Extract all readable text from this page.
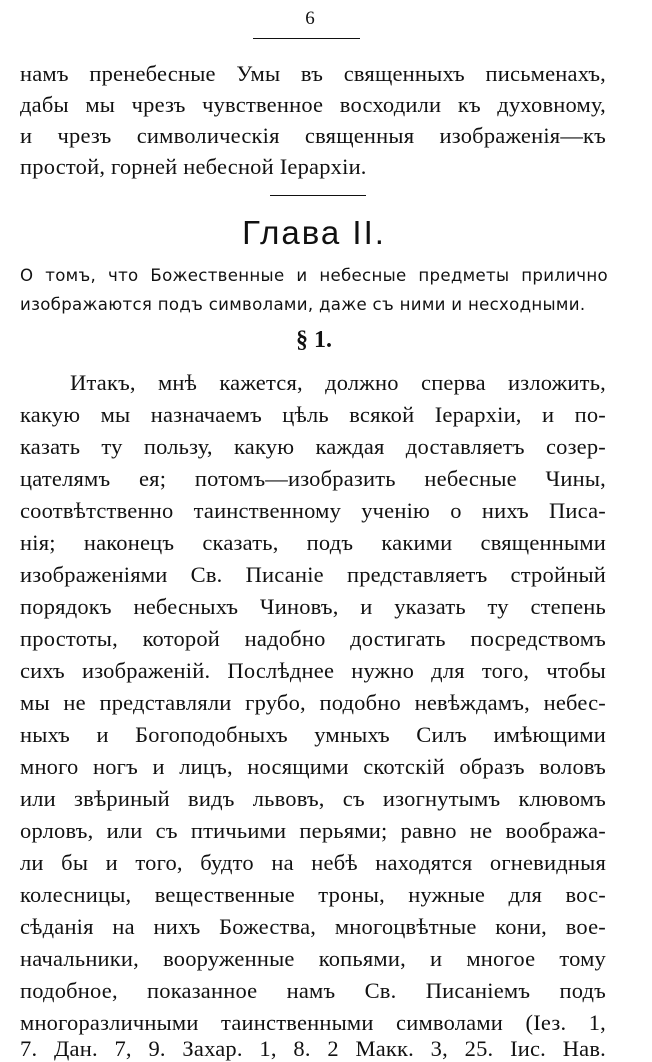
6
намъ пренебесные Умы въ священныхъ письменахъ,
дабы мы чрезъ чувственное восходили къ духовному,
и чрезъ символическія священныя изображенія—къ
простой, горней небесной Іерархіи.
Глава II.
О томъ, что Божественные и небесные предметы прилично
изображаются подъ символами, даже съ ними и несходными.
§ 1.
Итакъ, мнѣ кажется, должно сперва изложить,
какую мы назначаемъ цѣль всякой Іерархіи, и по-
казать ту пользу, какую каждая доставляетъ созер-
цателямъ ея; потомъ—изобразить небесные Чины,
соотвѣтственно таинственному ученію о нихъ Писа-
нія; наконецъ сказать, подъ какими священными
изображеніями Св. Писаніе представляетъ стройный
порядокъ небесныхъ Чиновъ, и указать ту степень
простоты, которой надобно достигать посредствомъ
сихъ изображеній. Послѣднее нужно для того, чтобы
мы не представляли грубо, подобно невѣждамъ, небес-
ныхъ и Богоподобныхъ умныхъ Силъ имѣющими
много ногъ и лицъ, носящими скотскій образъ воловъ
или звѣриный видъ львовъ, съ изогнутымъ клювомъ
орловъ, или съ птичьими перьями; равно не вообража-
ли бы и того, будто на небѣ находятся огневидныя
колесницы, вещественные троны, нужные для вос-
сѣданія на нихъ Божества, многоцвѣтные кони, вое-
начальники, вооруженные копьями, и многое тому
подобное, показанное намъ Св. Писаніемъ подъ
многоразличными таинственными символами (Іез. 1,
7. Дан. 7, 9. Захар. 1, 8. 2 Макк. 3, 25. Іис. Нав.
